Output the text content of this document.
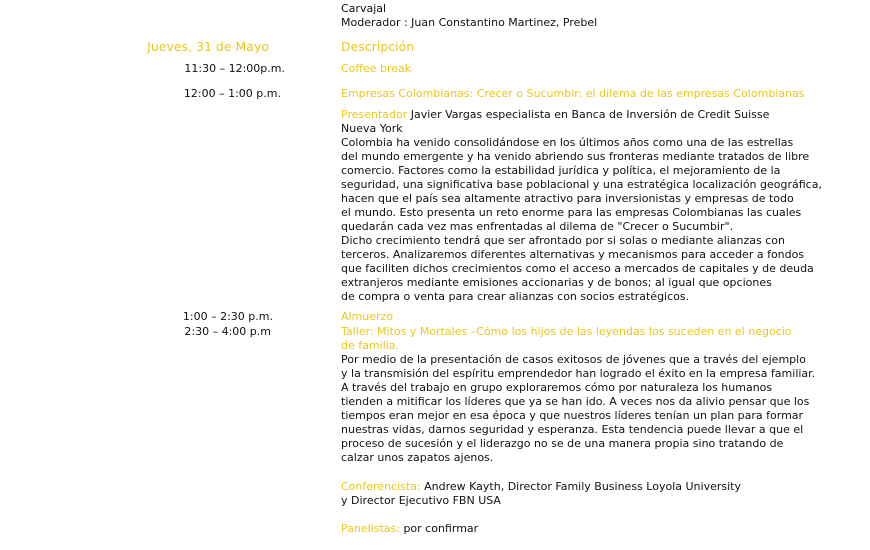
Carvajal
Moderador : Juan Constantino Martinez, Prebel
Jueves, 31 de Mayo	Descripción
11:30 – 12:00p.m.	Coffee break
12:00 – 1:00 p.m.	Empresas Colombianas: Crecer o Sucumbir: el dilema de las empresas Colombianas
Presentador Javier Vargas especialista en Banca de Inversión de Credit Suisse
Nueva York
Colombia ha venido consolidándose en los últimos años como una de las estrellas
del mundo emergente y ha venido abriendo sus fronteras mediante tratados de libre
comercio. Factores como la estabilidad jurídica y política, el mejoramiento de la
seguridad, una significativa base poblacional y una estratégica localización geográfica,
hacen que el país sea altamente atractivo para inversionistas y empresas de todo
el mundo. Esto presenta un reto enorme para las empresas Colombianas las cuales
quedarán cada vez mas enfrentadas al dilema de "Crecer o Sucumbir".
Dicho crecimiento tendrá que ser afrontado por si solas o mediante alianzas con
terceros. Analizaremos diferentes alternativas y mecanismos para acceder a fondos
que faciliten dichos crecimientos como el acceso a mercados de capitales y de deuda
extranjeros mediante emisiones accionarias y de bonos; al igual que opciones
de compra o venta para crear alianzas con socios estratégicos.
1:00 – 2:30 p.m.	Almuerzo
2:30 – 4:00 p.m	Taller: Mitos y Mortales –Cómo los hijos de las leyendas los suceden en el negocio
de familia.
Por medio de la presentación de casos exitosos de jóvenes que a través del ejemplo
y la transmisión del espíritu emprendedor han logrado el éxito en la empresa familiar.
A través del trabajo en grupo exploraremos cómo por naturaleza los humanos
tienden a mitificar los líderes que ya se han ido. A veces nos da alivio pensar que los
tiempos eran mejor en esa época y que nuestros líderes tenían un plan para formar
nuestras vidas, darnos seguridad y esperanza. Esta tendencia puede llevar a que el
proceso de sucesión y el liderazgo no se de una manera propia sino tratando de
calzar unos zapatos ajenos.
Conferencista: Andrew Kayth, Director Family Business Loyola University
y Director Ejecutivo FBN USA
Panelistas: por confirmar
